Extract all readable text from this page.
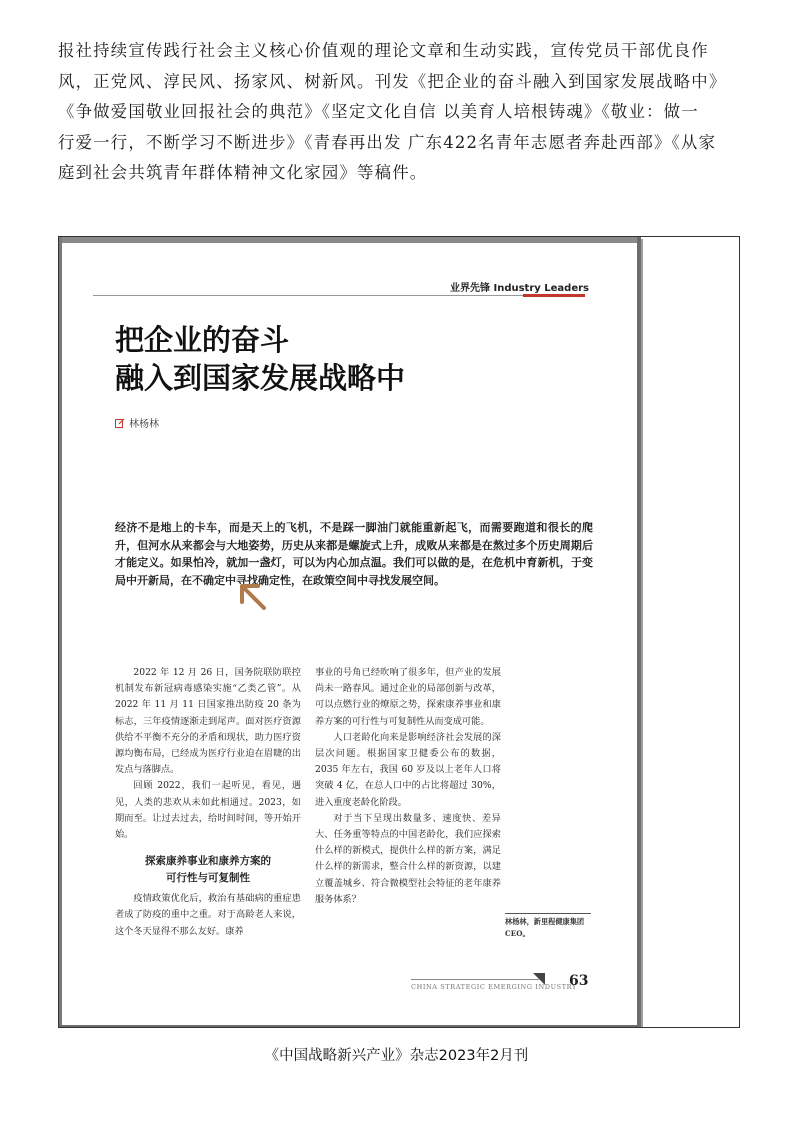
报社持续宣传践行社会主义核心价值观的理论文章和生动实践，宣传党员干部优良作

风，正党风、淳民风、扬家风、树新风。刊发《把企业的奋斗融入到国家发展战略中》

《争做爱国敬业回报社会的典范》《坚定文化自信 以美育人培根铸魂》《敬业：做一

行爱一行，不断学习不断进步》《青春再出发 广东422名青年志愿者奔赴西部》《从家

庭到社会共筑青年群体精神文化家园》等稿件。

业界先锋 Industry Leaders
把企业的奋斗
融入到国家发展战略中
林杨林
经济不是地上的卡车，而是天上的飞机，不是踩一脚油门就能重新起飞，而需要跑道和很长的爬升，但河水从来都会与大地姿势，历史从来都是螺旋式上升，成败从来都是在熬过多个历史周期后才能定义。如果怕冷，就加一盏灯，可以为内心加点温。我们可以做的是，在危机中育新机，于变局中开新局，在不确定中寻找确定性，在政策空间中寻找发展空间。

2022 年 12 月 26 日，国务院联防联控机制发布新冠病毒感染实施“乙类乙管”。从 2022 年 11 月 11 日国家推出防疫 20 条为标志，三年疫情逐渐走到尾声。面对医疗资源供给不平衡不充分的矛盾和现状，助力医疗资源均衡布局，已经成为医疗行业迫在眉睫的出发点与落脚点。

回顾 2022，我们一起听见，看见，遇见，人类的悲欢从未如此相通过。2023，如期而至。让过去过去，给时间时间，等开始开始。

探索康养事业和康养方案的
可行性与可复制性

疫情政策优化后，救治有基础病的重症患者成了防疫的重中之重。对于高龄老人来说，这个冬天显得不那么友好。康养

事业的号角已经吹响了很多年，但产业的发展尚未一路春风。通过企业的局部创新与改革，可以点燃行业的燎原之势，探索康养事业和康养方案的可行性与可复制性从而变成可能。

人口老龄化向来是影响经济社会发展的深层次问题。根据国家卫健委公布的数据，2035 年左右，我国 60 岁及以上老年人口将突破 4 亿，在总人口中的占比将超过 30%，进入重度老龄化阶段。

对于当下呈现出数量多、速度快、差异大、任务重等特点的中国老龄化，我们应探索什么样的新模式，提供什么样的新方案，满足什么样的新需求，整合什么样的新资源，以建立覆盖城乡、符合微模型社会特征的老年康养服务体系？

林杨林，新里程健康集团 CEO。
CHINA STRATEGIC EMERGING INDUSTRY
63
《中国战略新兴产业》杂志2023年2月刊
